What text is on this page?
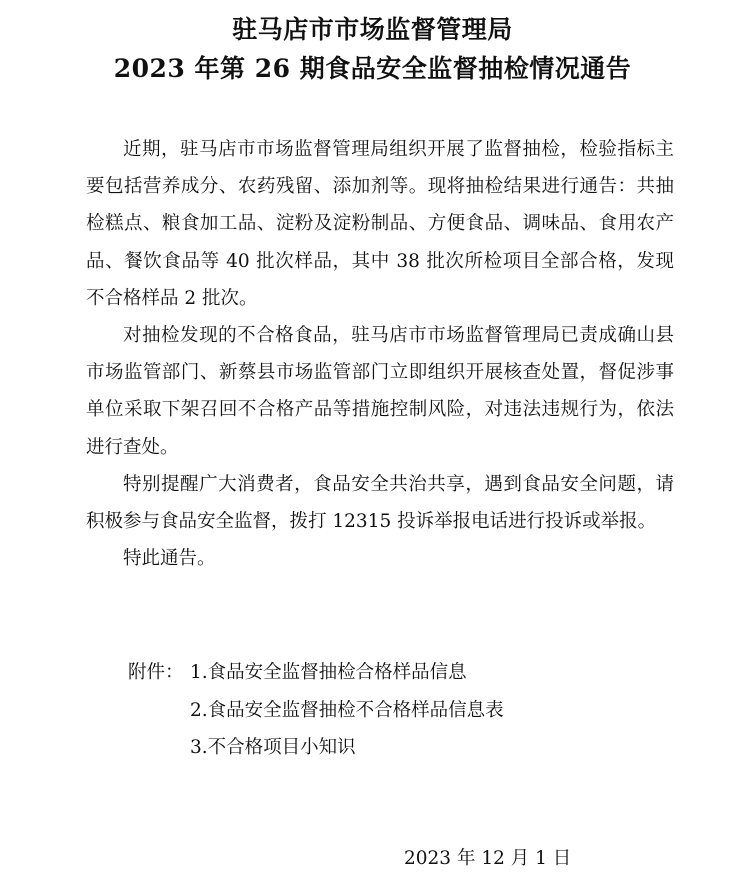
驻马店市市场监督管理局
2023 年第 26 期食品安全监督抽检情况通告

近期，驻马店市市场监督管理局组织开展了监督抽检，检验指标主要包括营养成分、农药残留、添加剂等。现将抽检结果进行通告：共抽检糕点、粮食加工品、淀粉及淀粉制品、方便食品、调味品、食用农产品、餐饮食品等 40 批次样品，其中 38 批次所检项目全部合格，发现不合格样品 2 批次。

对抽检发现的不合格食品，驻马店市市场监督管理局已责成确山县市场监管部门、新蔡县市场监管部门立即组织开展核查处置，督促涉事单位采取下架召回不合格产品等措施控制风险，对违法违规行为，依法进行查处。

特别提醒广大消费者，食品安全共治共享，遇到食品安全问题，请积极参与食品安全监督，拨打 12315 投诉举报电话进行投诉或举报。

特此通告。

附件： 1.食品安全监督抽检合格样品信息
2.食品安全监督抽检不合格样品信息表
3.不合格项目小知识
2023 年 12 月 1 日
